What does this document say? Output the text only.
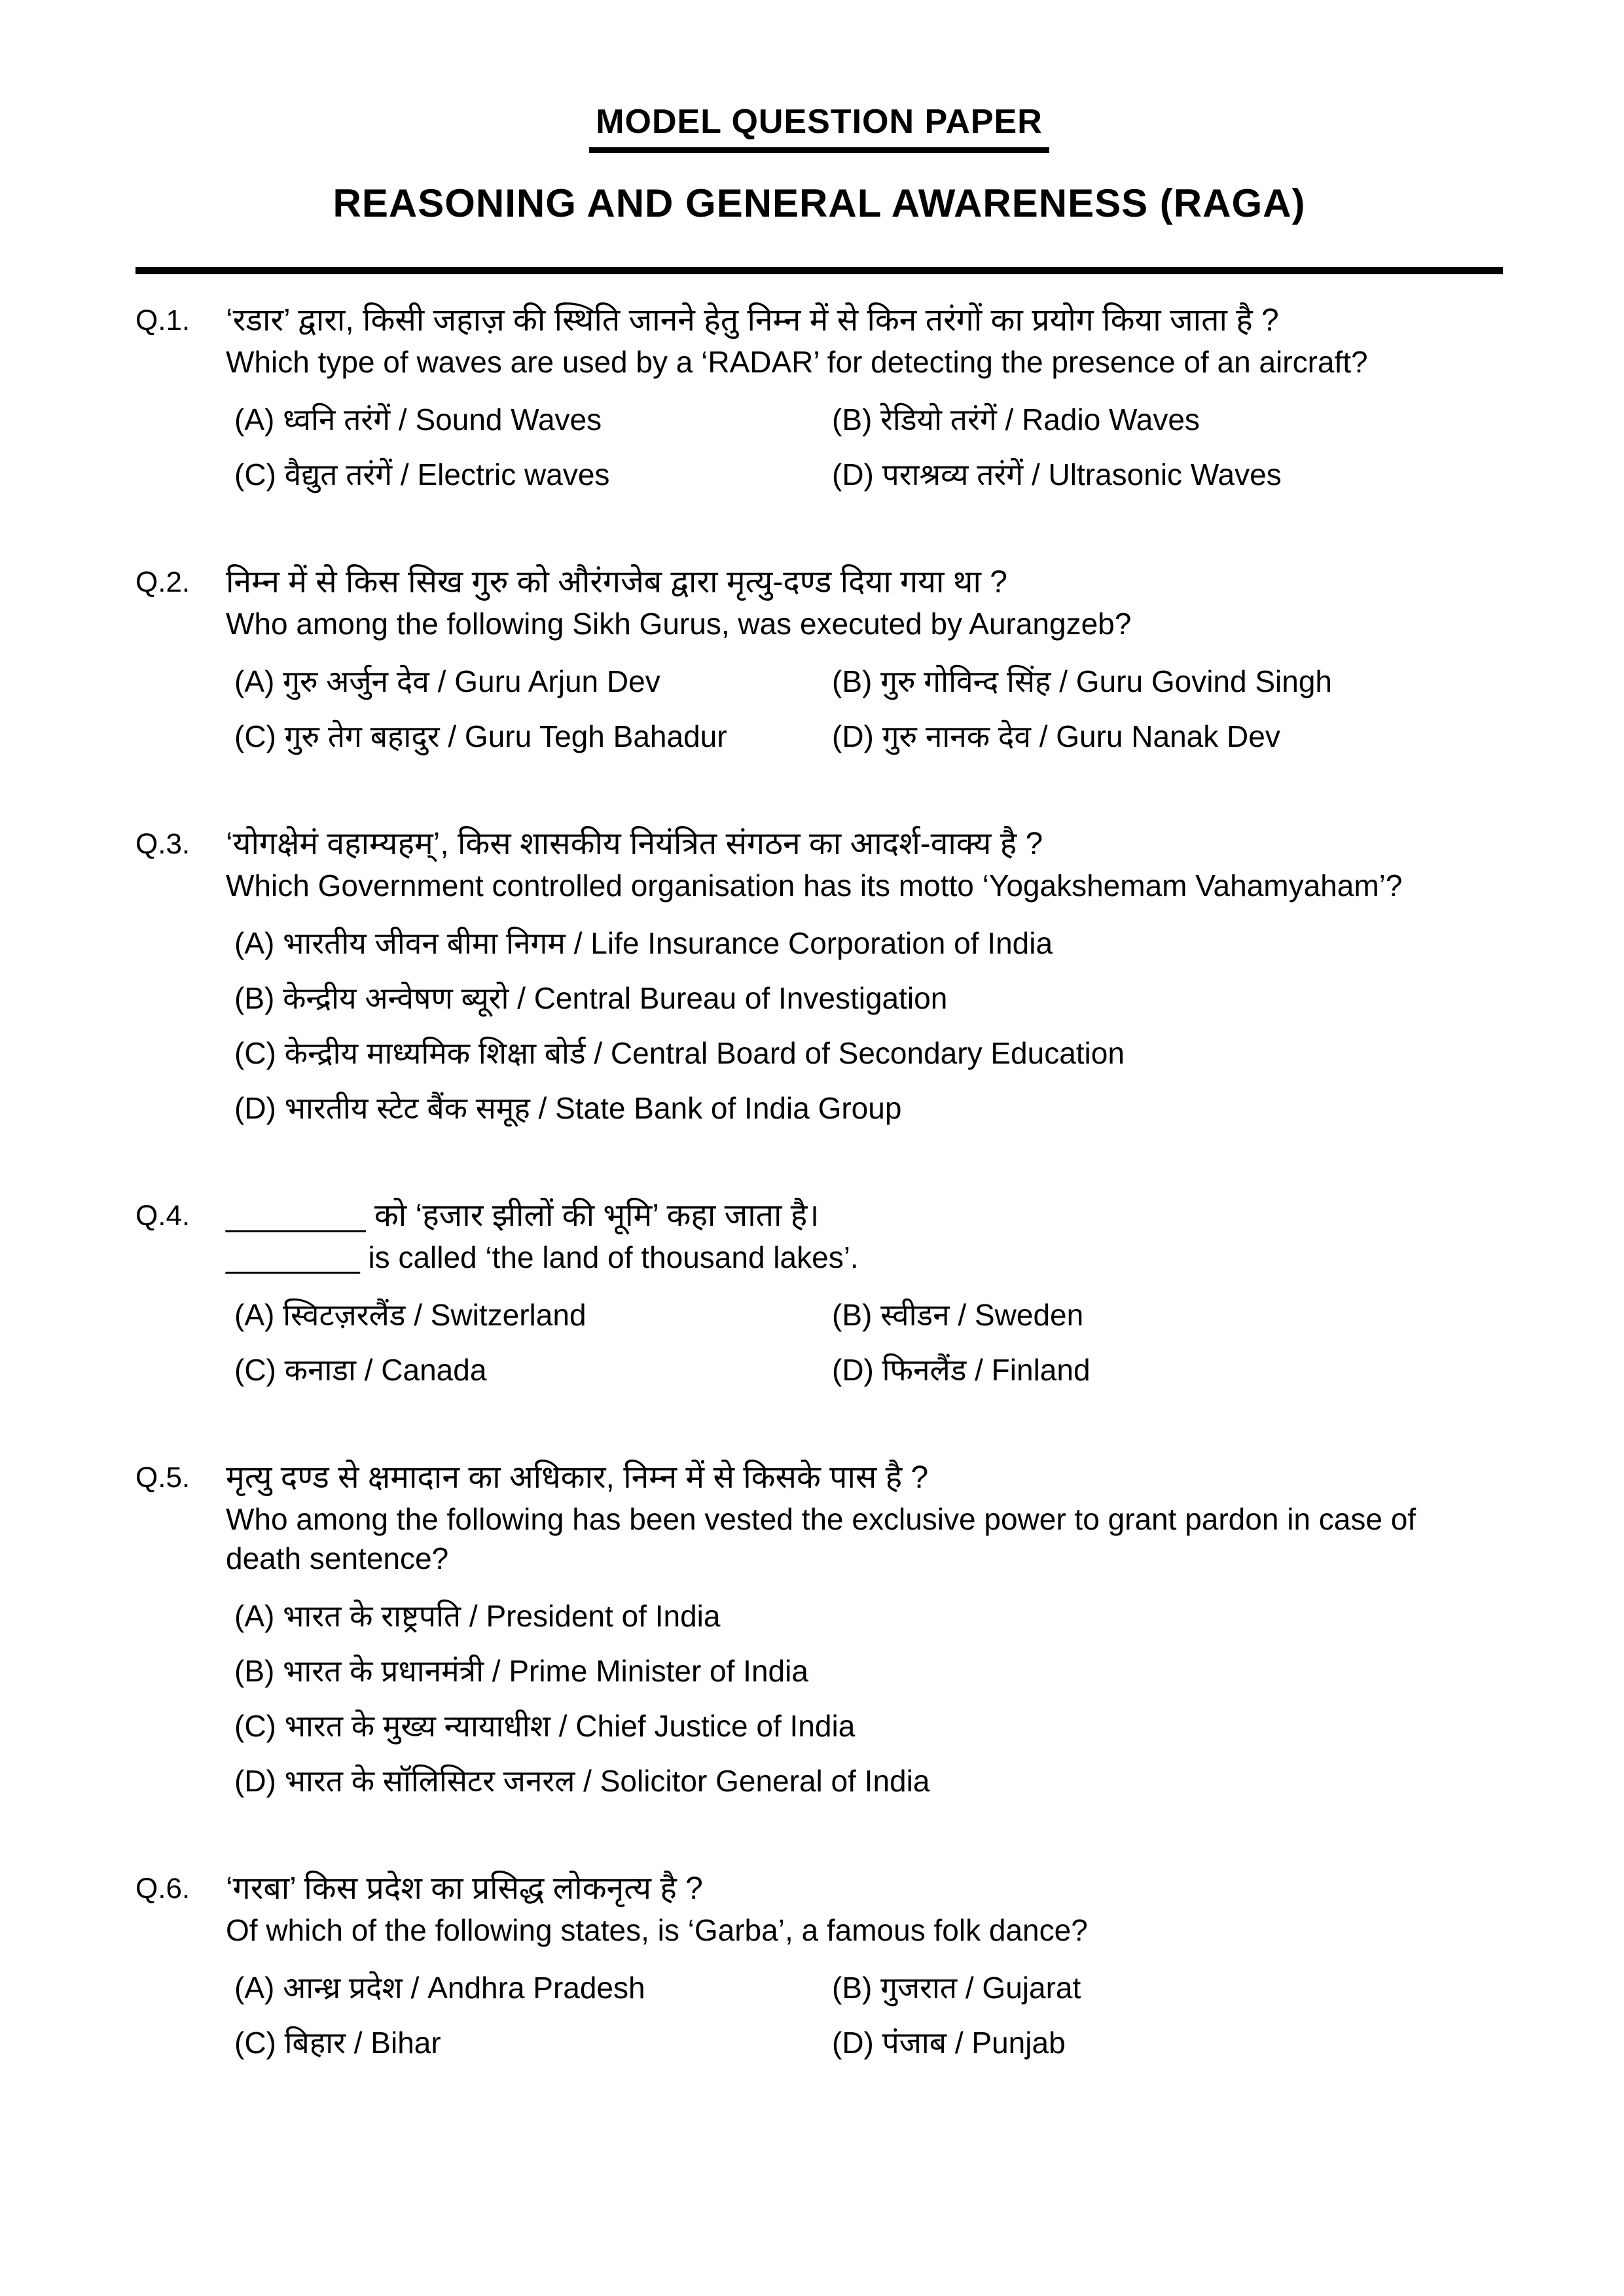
MODEL QUESTION PAPER
REASONING AND GENERAL AWARENESS (RAGA)
Q.1.	‘रडार’ द्वारा, किसी जहाज़ की स्थिति जानने हेतु निम्न में से किन तरंगों का प्रयोग किया जाता है ?
Which type of waves are used by a ‘RADAR’ for detecting the presence of an aircraft?
(A) ध्वनि तरंगें / Sound Waves	(B) रेडियो तरंगें / Radio Waves
(C) वैद्युत तरंगें / Electric waves	(D) पराश्रव्य तरंगें / Ultrasonic Waves
Q.2.	निम्न में से किस सिख गुरु को औरंगजेब द्वारा मृत्यु-दण्ड दिया गया था ?
Who among the following Sikh Gurus, was executed by Aurangzeb?
(A) गुरु अर्जुन देव / Guru Arjun Dev	(B) गुरु गोविन्द सिंह / Guru Govind Singh
(C) गुरु तेग बहादुर / Guru Tegh Bahadur	(D) गुरु नानक देव / Guru Nanak Dev
Q.3.	‘योगक्षेमं वहाम्यहम्’, किस शासकीय नियंत्रित संगठन का आदर्श-वाक्य है ?
Which Government controlled organisation has its motto ‘Yogakshemam Vahamyaham’?
(A) भारतीय जीवन बीमा निगम / Life Insurance Corporation of India
(B) केन्द्रीय अन्वेषण ब्यूरो / Central Bureau of Investigation
(C) केन्द्रीय माध्यमिक शिक्षा बोर्ड / Central Board of Secondary Education
(D) भारतीय स्टेट बैंक समूह / State Bank of India Group
Q.4.	________ को ‘हजार झीलों की भूमि’ कहा जाता है।
________ is called ‘the land of thousand lakes’.
(A) स्विटज़रलैंड / Switzerland	(B) स्वीडन / Sweden
(C) कनाडा / Canada	(D) फिनलैंड / Finland
Q.5.	मृत्यु दण्ड से क्षमादान का अधिकार, निम्न में से किसके पास है ?
Who among the following has been vested the exclusive power to grant pardon in case of
death sentence?
(A) भारत के राष्ट्रपति / President of India
(B) भारत के प्रधानमंत्री / Prime Minister of India
(C) भारत के मुख्य न्यायाधीश / Chief Justice of India
(D) भारत के सॉलिसिटर जनरल / Solicitor General of India
Q.6.	‘गरबा’ किस प्रदेश का प्रसिद्ध लोकनृत्य है ?
Of which of the following states, is ‘Garba’, a famous folk dance?
(A) आन्ध्र प्रदेश / Andhra Pradesh	(B) गुजरात / Gujarat
(C) बिहार / Bihar	(D) पंजाब / Punjab
